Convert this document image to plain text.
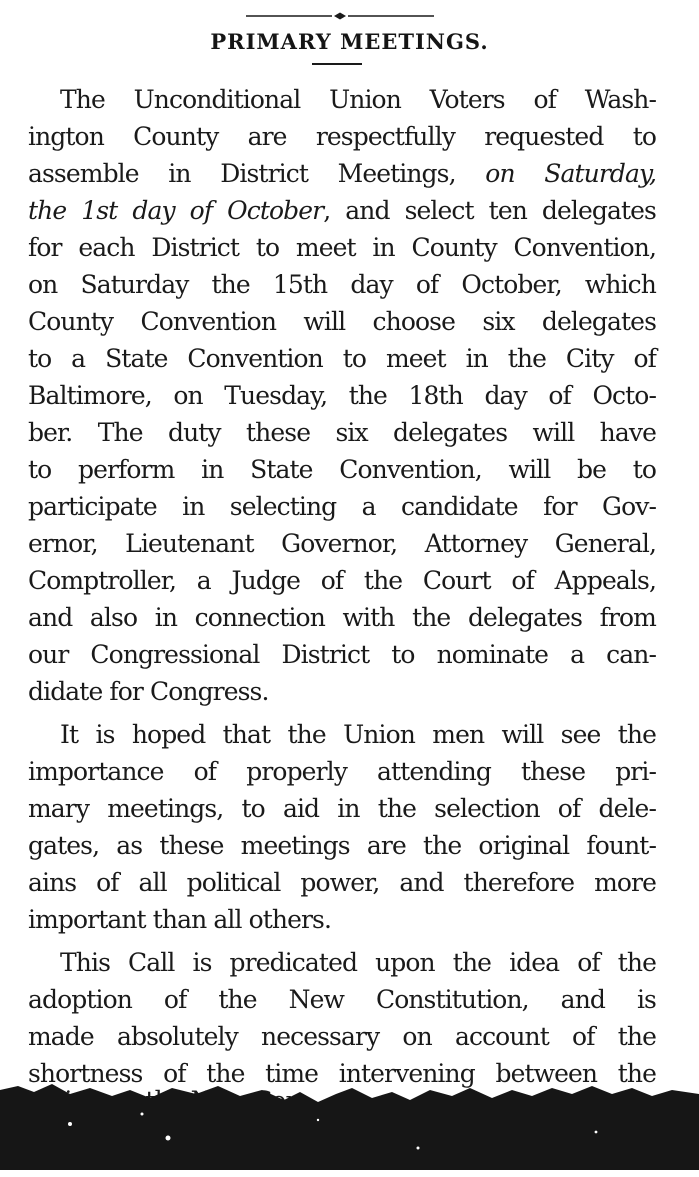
PRIMARY MEETINGS.
The Unconditional Union Voters of Wash-
ington County are respectfully requested to
assemble in District Meetings, on Saturday,
the 1st day of October, and select ten delegates
for each District to meet in County Convention,
on Saturday the 15th day of October, which
County Convention will choose six delegates
to a State Convention to meet in the City of
Baltimore, on Tuesday, the 18th day of Octo-
ber. The duty these six delegates will have
to perform in State Convention, will be to
participate in selecting a candidate for Gov-
ernor, Lieutenant Governor, Attorney General,
Comptroller, a Judge of the Court of Appeals,
and also in connection with the delegates from
our Congressional District to nominate a can-
didate for Congress.
It is hoped that the Union men will see the
importance of properly attending these pri-
mary meetings, to aid in the selection of dele-
gates, as these meetings are the original fount-
ains of all political power, and therefore more
important than all others.
This Call is predicated upon the idea of the
adoption of the New Constitution, and is
made absolutely necessary on account of the
shortness of the time intervening between the
